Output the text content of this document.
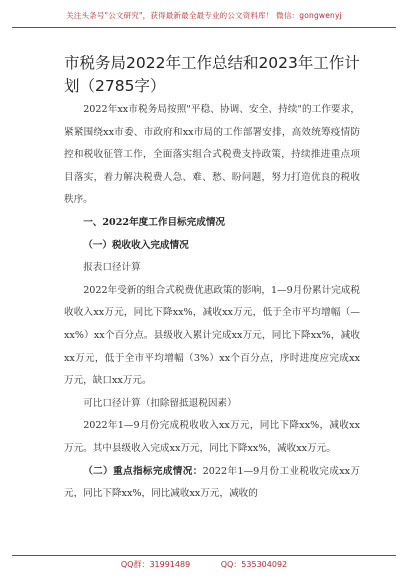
关注头条号"公文研究"，获得最新最全最专业的公文资料库！ 微信：gongwenyj
市税务局2022年工作总结和2023年工作计划（2785字）

2022年xx市税务局按照"平稳、协调、安全、持续"的工作要求，紧紧围绕xx市委、市政府和xx市局的工作部署安排，高效统筹疫情防控和税收征管工作，全面落实组合式税费支持政策，持续推进重点项目落实，着力解决税费人急、难、愁、盼问题，努力打造优良的税收秩序。

一、2022年度工作目标完成情况

（一）税收收入完成情况

报表口径计算

2022年受新的组合式税费优惠政策的影响，1—9月份累计完成税收收入xx万元，同比下降xx%，减收xx万元，低于全市平均增幅（—xx%）xx个百分点。县级收入累计完成xx万元，同比下降xx%，减收xx万元，低于全市平均增幅（3%）xx个百分点，序时进度应完成xx万元，缺口xx万元。

可比口径计算（扣除留抵退税因素）

2022年1—9月份完成税收收入xx万元，同比下降xx%，减收xx万元。其中县级收入完成xx万元，同比下降xx%，减收xx万元。

（二）重点指标完成情况：2022年1—9月份工业税收完成xx万元，同比下降xx%，同比减收xx万元，减收的

QQ群：31991489	QQ：535304092
